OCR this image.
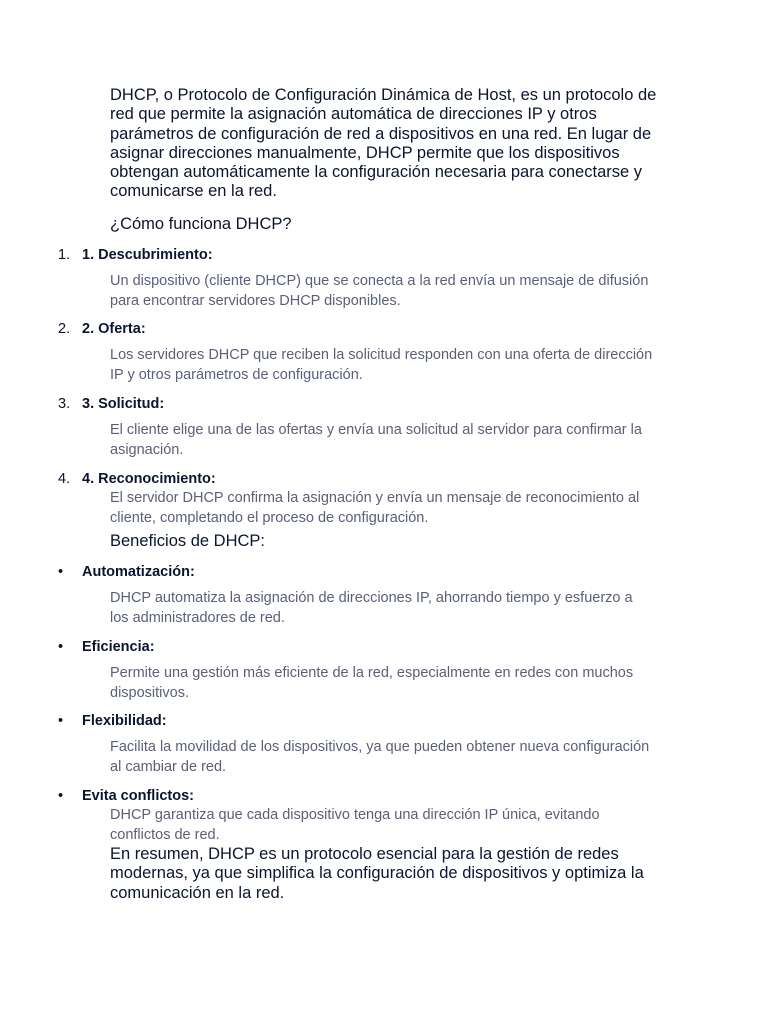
DHCP, o Protocolo de Configuración Dinámica de Host, es un protocolo de red que permite la asignación automática de direcciones IP y otros parámetros de configuración de red a dispositivos en una red. En lugar de asignar direcciones manualmente, DHCP permite que los dispositivos obtengan automáticamente la configuración necesaria para conectarse y comunicarse en la red.

¿Cómo funciona DHCP?

1. 1. Descubrimiento:
Un dispositivo (cliente DHCP) que se conecta a la red envía un mensaje de difusión para encontrar servidores DHCP disponibles.
2. 2. Oferta:
Los servidores DHCP que reciben la solicitud responden con una oferta de dirección IP y otros parámetros de configuración.
3. 3. Solicitud:
El cliente elige una de las ofertas y envía una solicitud al servidor para confirmar la asignación.
4. 4. Reconocimiento:
El servidor DHCP confirma la asignación y envía un mensaje de reconocimiento al cliente, completando el proceso de configuración.

Beneficios de DHCP:

• Automatización:
DHCP automatiza la asignación de direcciones IP, ahorrando tiempo y esfuerzo a los administradores de red.
• Eficiencia:
Permite una gestión más eficiente de la red, especialmente en redes con muchos dispositivos.
• Flexibilidad:
Facilita la movilidad de los dispositivos, ya que pueden obtener nueva configuración al cambiar de red.
• Evita conflictos:
DHCP garantiza que cada dispositivo tenga una dirección IP única, evitando conflictos de red.

En resumen, DHCP es un protocolo esencial para la gestión de redes modernas, ya que simplifica la configuración de dispositivos y optimiza la comunicación en la red.
